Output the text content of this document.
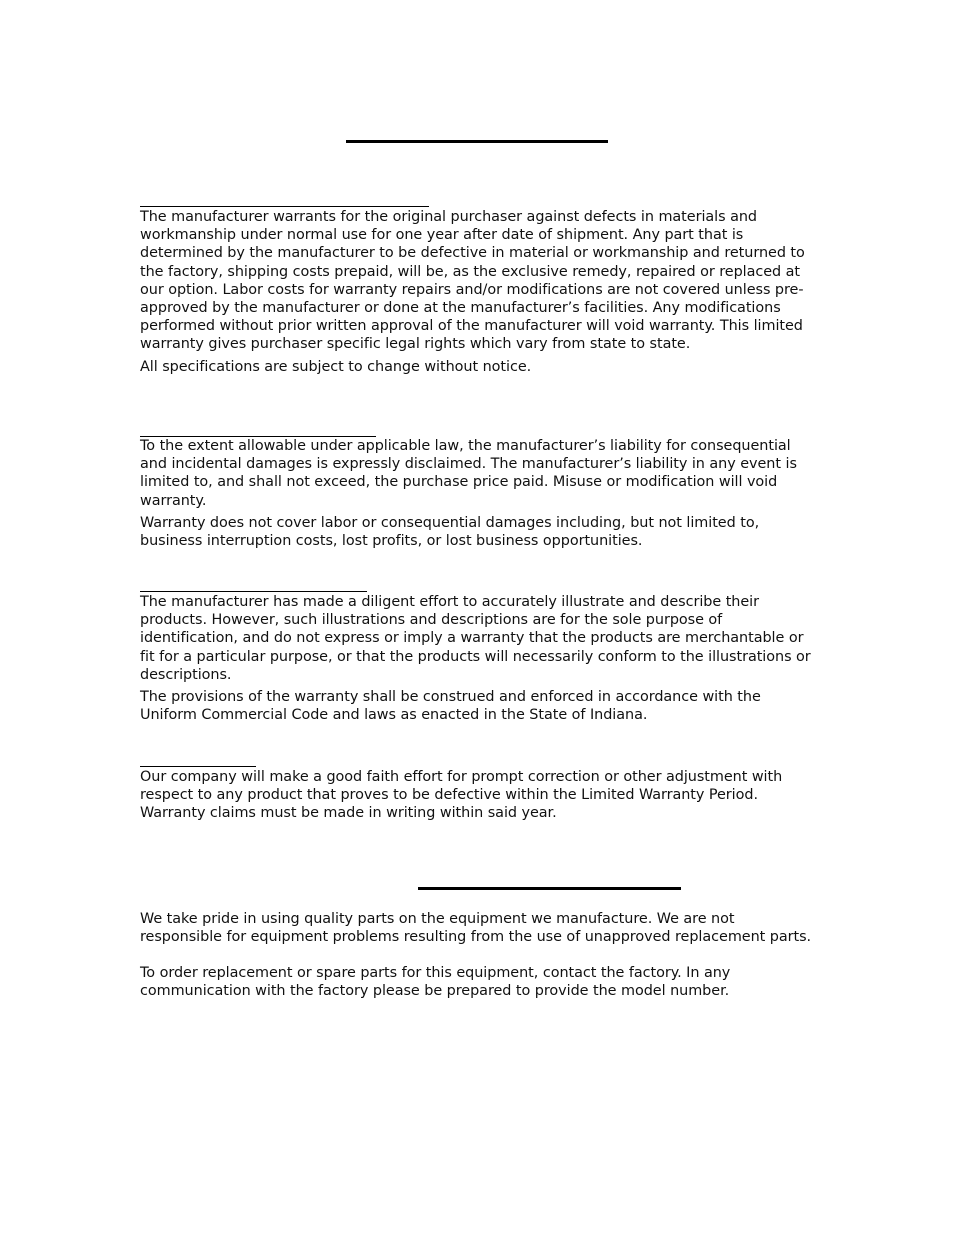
The manufacturer warrants for the original purchaser against defects in materials and workmanship under normal use for one year after date of shipment. Any part that is determined by the manufacturer to be defective in material or workmanship and returned to the factory, shipping costs prepaid, will be, as the exclusive remedy, repaired or replaced at our option. Labor costs for warranty repairs and/or modifications are not covered unless pre-approved by the manufacturer or done at the manufacturer’s facilities. Any modifications performed without prior written approval of the manufacturer will void warranty. This limited warranty gives purchaser specific legal rights which vary from state to state.

All specifications are subject to change without notice.

To the extent allowable under applicable law, the manufacturer’s liability for consequential and incidental damages is expressly disclaimed. The manufacturer’s liability in any event is limited to, and shall not exceed, the purchase price paid. Misuse or modification will void warranty.

Warranty does not cover labor or consequential damages including, but not limited to, business interruption costs, lost profits, or lost business opportunities.

The manufacturer has made a diligent effort to accurately illustrate and describe their products. However, such illustrations and descriptions are for the sole purpose of identification, and do not express or imply a warranty that the products are merchantable or fit for a particular purpose, or that the products will necessarily conform to the illustrations or descriptions.

The provisions of the warranty shall be construed and enforced in accordance with the Uniform Commercial Code and laws as enacted in the State of Indiana.

Our company will make a good faith effort for prompt correction or other adjustment with respect to any product that proves to be defective within the Limited Warranty Period. Warranty claims must be made in writing within said year.

We take pride in using quality parts on the equipment we manufacture. We are not responsible for equipment problems resulting from the use of unapproved replacement parts.

To order replacement or spare parts for this equipment, contact the factory. In any communication with the factory please be prepared to provide the model number.
